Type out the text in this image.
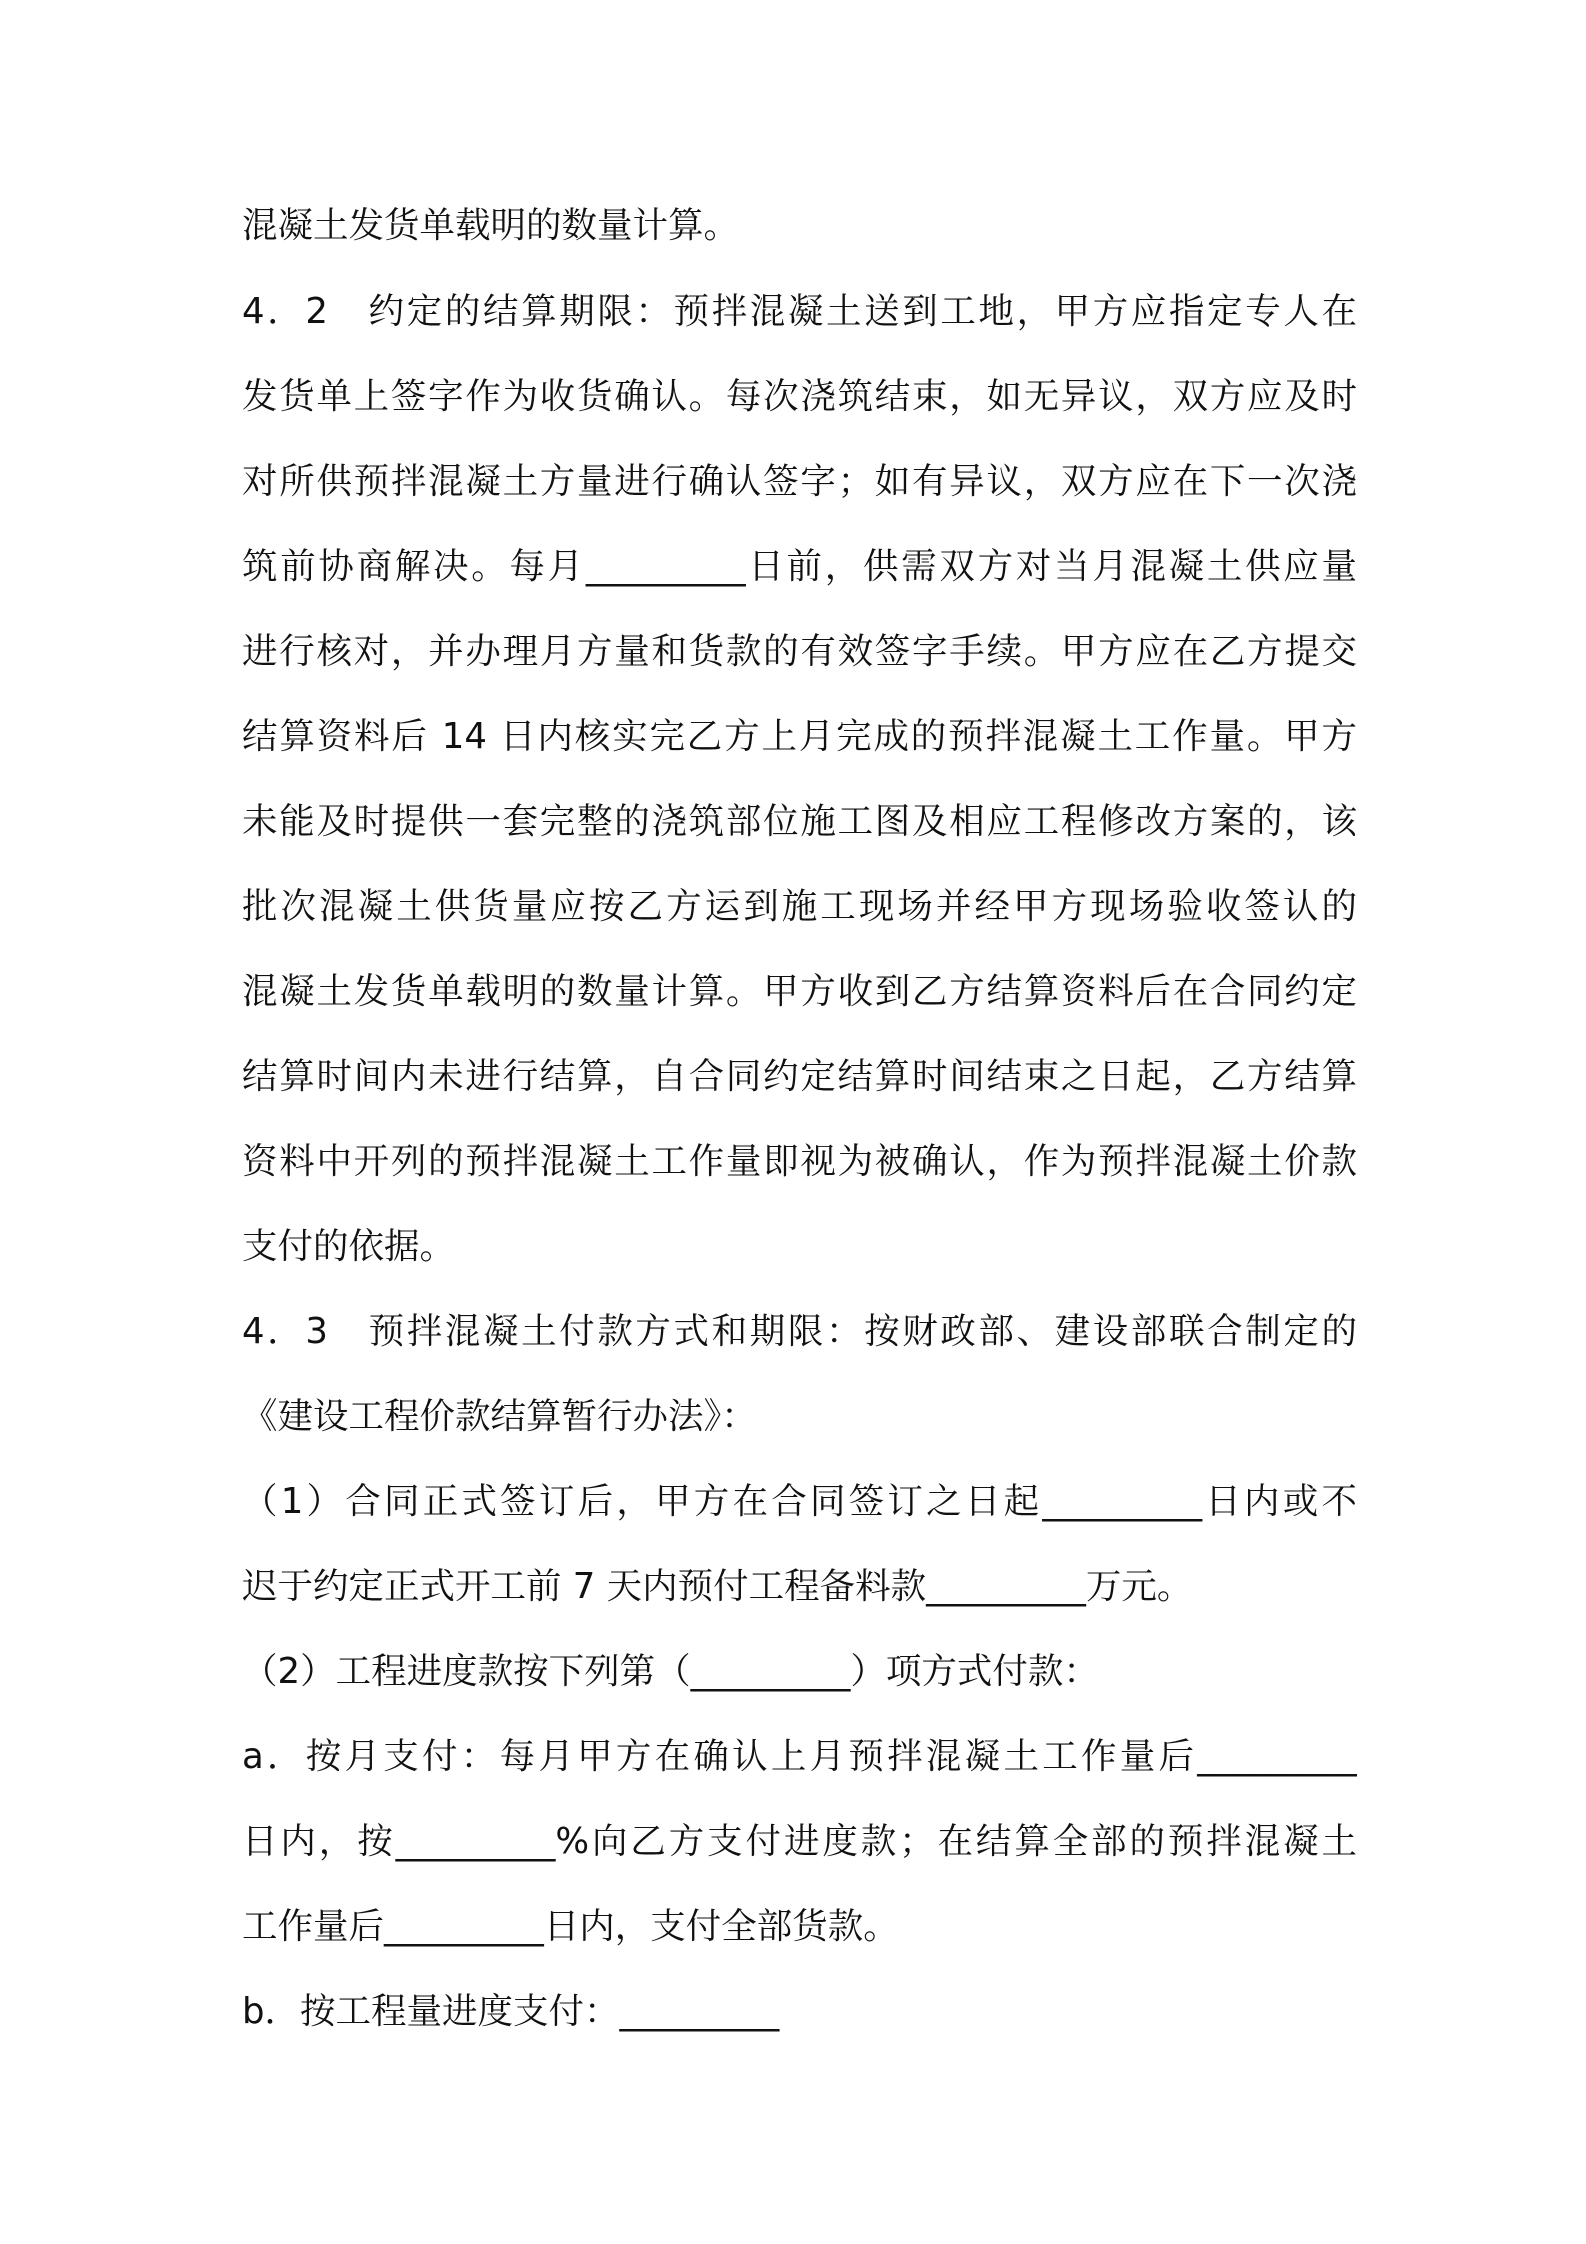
混凝土发货单载明的数量计算。
4．2　约定的结算期限：预拌混凝土送到工地，甲方应指定专人在
发货单上签字作为收货确认。每次浇筑结束，如无异议，双方应及时
对所供预拌混凝土方量进行确认签字；如有异议，双方应在下一次浇
筑前协商解决。每月_________日前，供需双方对当月混凝土供应量
进行核对，并办理月方量和货款的有效签字手续。甲方应在乙方提交
结算资料后 14 日内核实完乙方上月完成的预拌混凝土工作量。甲方
未能及时提供一套完整的浇筑部位施工图及相应工程修改方案的，该
批次混凝土供货量应按乙方运到施工现场并经甲方现场验收签认的
混凝土发货单载明的数量计算。甲方收到乙方结算资料后在合同约定
结算时间内未进行结算，自合同约定结算时间结束之日起，乙方结算
资料中开列的预拌混凝土工作量即视为被确认，作为预拌混凝土价款
支付的依据。
4．3　预拌混凝土付款方式和期限：按财政部、建设部联合制定的
《建设工程价款结算暂行办法》：
（1）合同正式签订后，甲方在合同签订之日起_________日内或不
迟于约定正式开工前 7 天内预付工程备料款_________万元。
（2）工程进度款按下列第（_________）项方式付款：
a．按月支付：每月甲方在确认上月预拌混凝土工作量后_________
日内，按_________%向乙方支付进度款；在结算全部的预拌混凝土
工作量后_________日内，支付全部货款。
b．按工程量进度支付：_________
